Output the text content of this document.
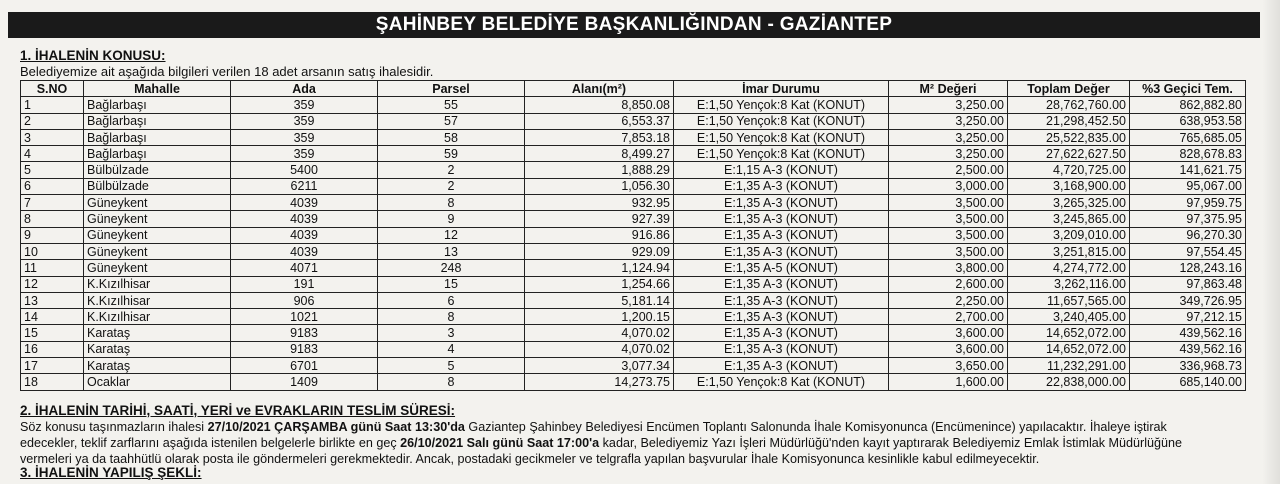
ŞAHİNBEY BELEDİYE BAŞKANLIĞINDAN - GAZİANTEP
1. İHALENİN KONUSU:
Belediyemize ait aşağıda bilgileri verilen 18 adet arsanın satış ihalesidir.
S.NO	Mahalle	Ada	Parsel	Alanı(m²)	İmar Durumu	M² Değeri	Toplam Değer	%3 Geçici Tem.
1	Bağlarbaşı	359	55	8,850.08	E:1,50 Yençok:8 Kat (KONUT)	3,250.00	28,762,760.00	862,882.80
2	Bağlarbaşı	359	57	6,553.37	E:1,50 Yençok:8 Kat (KONUT)	3,250.00	21,298,452.50	638,953.58
3	Bağlarbaşı	359	58	7,853.18	E:1,50 Yençok:8 Kat (KONUT)	3,250.00	25,522,835.00	765,685.05
4	Bağlarbaşı	359	59	8,499.27	E:1,50 Yençok:8 Kat (KONUT)	3,250.00	27,622,627.50	828,678.83
5	Bülbülzade	5400	2	1,888.29	E:1,15 A-3 (KONUT)	2,500.00	4,720,725.00	141,621.75
6	Bülbülzade	6211	2	1,056.30	E:1,35 A-3 (KONUT)	3,000.00	3,168,900.00	95,067.00
7	Güneykent	4039	8	932.95	E:1,35 A-3 (KONUT)	3,500.00	3,265,325.00	97,959.75
8	Güneykent	4039	9	927.39	E:1,35 A-3 (KONUT)	3,500.00	3,245,865.00	97,375.95
9	Güneykent	4039	12	916.86	E:1,35 A-3 (KONUT)	3,500.00	3,209,010.00	96,270.30
10	Güneykent	4039	13	929.09	E:1,35 A-3 (KONUT)	3,500.00	3,251,815.00	97,554.45
11	Güneykent	4071	248	1,124.94	E:1,35 A-5 (KONUT)	3,800.00	4,274,772.00	128,243.16
12	K.Kızılhisar	191	15	1,254.66	E:1,35 A-3 (KONUT)	2,600.00	3,262,116.00	97,863.48
13	K.Kızılhisar	906	6	5,181.14	E:1,35 A-3 (KONUT)	2,250.00	11,657,565.00	349,726.95
14	K.Kızılhisar	1021	8	1,200.15	E:1,35 A-3 (KONUT)	2,700.00	3,240,405.00	97,212.15
15	Karataş	9183	3	4,070.02	E:1,35 A-3 (KONUT)	3,600.00	14,652,072.00	439,562.16
16	Karataş	9183	4	4,070.02	E:1,35 A-3 (KONUT)	3,600.00	14,652,072.00	439,562.16
17	Karataş	6701	5	3,077.34	E:1,35 A-3 (KONUT)	3,650.00	11,232,291.00	336,968.73
18	Ocaklar	1409	8	14,273.75	E:1,50 Yençok:8 Kat (KONUT)	1,600.00	22,838,000.00	685,140.00
2. İHALENİN TARİHİ, SAATİ, YERİ ve EVRAKLARIN TESLİM SÜRESİ:
Söz konusu taşınmazların ihalesi 27/10/2021 ÇARŞAMBA günü Saat 13:30'da Gaziantep Şahinbey Belediyesi Encümen Toplantı Salonunda İhale Komisyonunca (Encümenince) yapılacaktır. İhaleye iştirak
edecekler, teklif zarflarını aşağıda istenilen belgelerle birlikte en geç 26/10/2021 Salı günü Saat 17:00'a kadar, Belediyemiz Yazı İşleri Müdürlüğü'nden kayıt yaptırarak Belediyemiz Emlak İstimlak Müdürlüğüne
vermeleri ya da taahhütlü olarak posta ile göndermeleri gerekmektedir. Ancak, postadaki gecikmeler ve telgrafla yapılan başvurular İhale Komisyonunca kesinlikle kabul edilmeyecektir.
3. İHALENİN YAPILIŞ ŞEKLİ:
